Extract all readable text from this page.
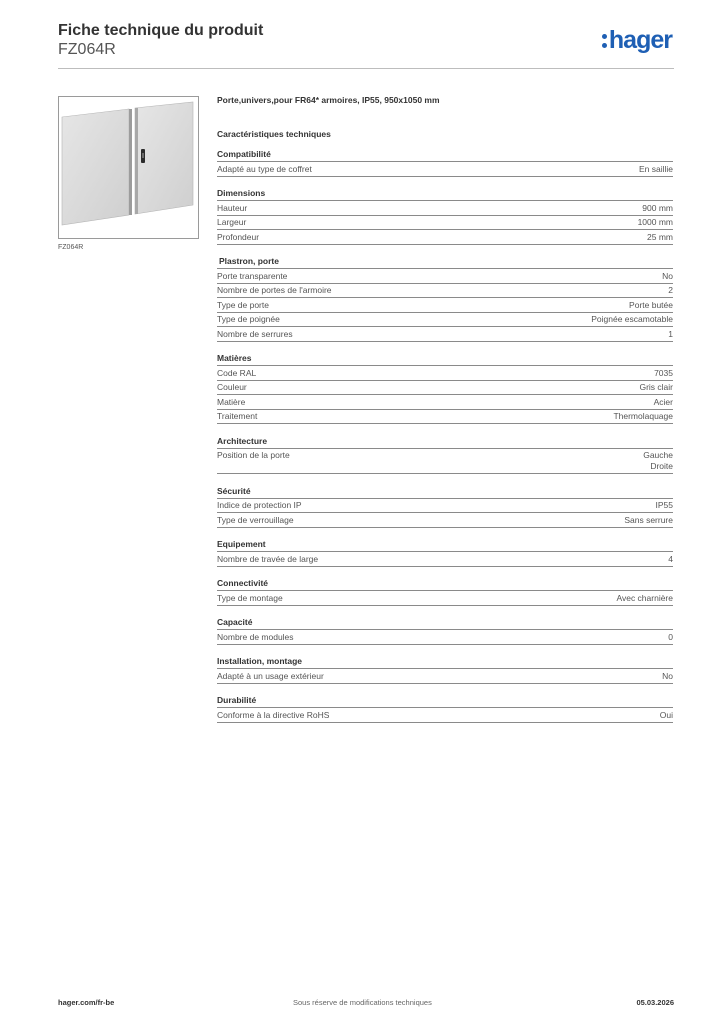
Fiche technique du produit
FZ064R	hager
FZ064R
Porte,univers,pour FR64* armoires, IP55, 950x1050 mm
Caractéristiques techniques
Compatibilité
Adapté au type de coffret	En saillie
Dimensions
Hauteur	900 mm
Largeur	1000 mm
Profondeur	25 mm
Plastron, porte
Porte transparente	No
Nombre de portes de l'armoire	2
Type de porte	Porte butée
Type de poignée	Poignée escamotable
Nombre de serrures	1
Matières
Code RAL	7035
Couleur	Gris clair
Matière	Acier
Traitement	Thermolaquage
Architecture
Position de la porte	Gauche
Droite
Sécurité
Indice de protection IP	IP55
Type de verrouillage	Sans serrure
Equipement
Nombre de travée de large	4
Connectivité
Type de montage	Avec charnière
Capacité
Nombre de modules	0
Installation, montage
Adapté à un usage extérieur	No
Durabilité
Conforme à la directive RoHS	Oui
hager.com/fr-be	Sous réserve de modifications techniques	05.03.2026
